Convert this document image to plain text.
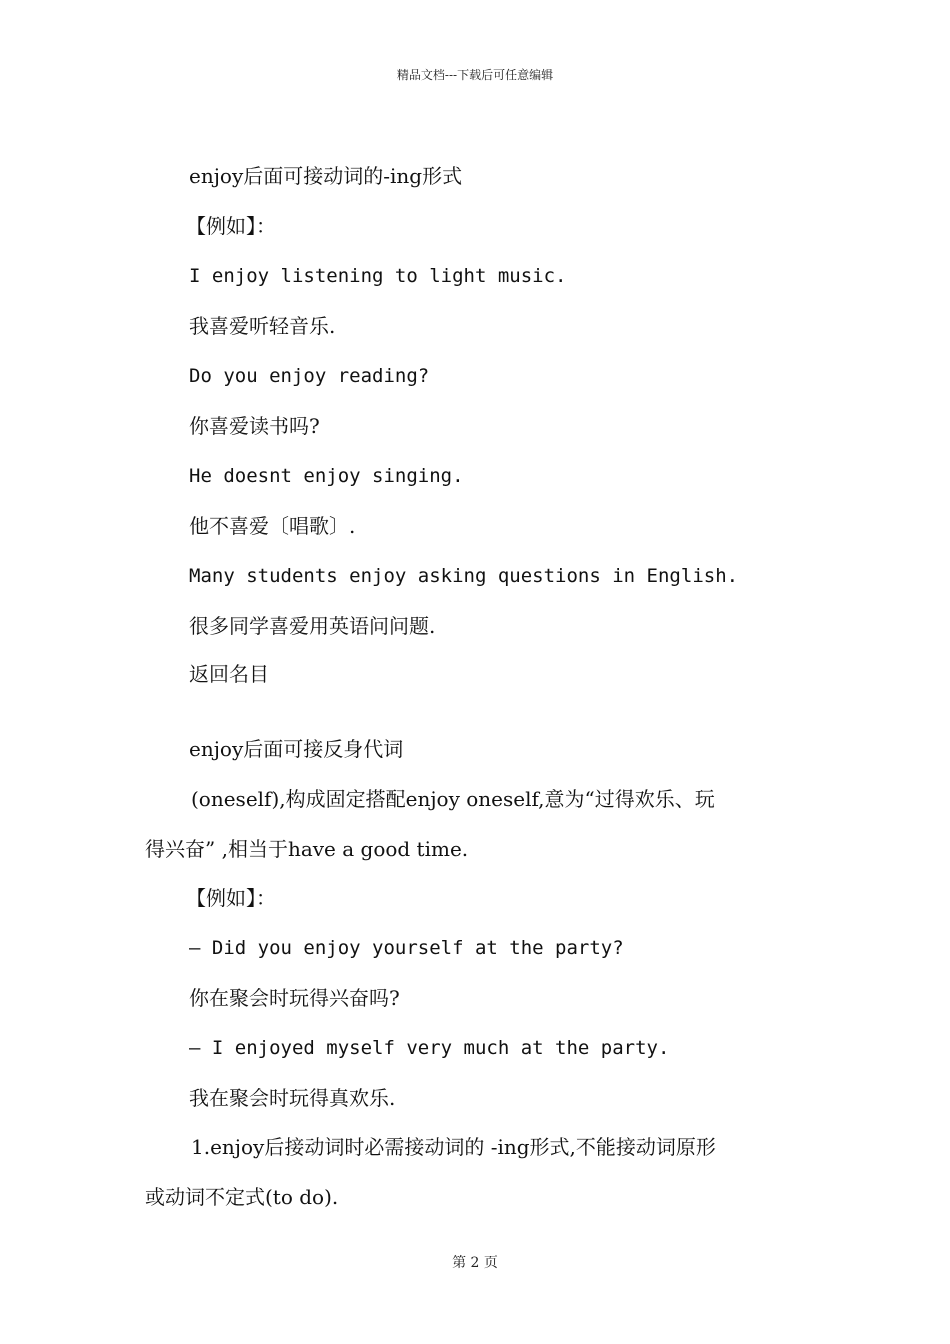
精品文档---下载后可任意编辑
enjoy后面可接动词的-ing形式
【例如】：
I enjoy listening to light music.
我喜爱听轻音乐.
Do you enjoy reading?
你喜爱读书吗?
He doesnt enjoy singing.
他不喜爱〔唱歌〕.
Many students enjoy asking questions in English.
很多同学喜爱用英语问问题.
返回名目
enjoy后面可接反身代词
(oneself),构成固定搭配enjoy oneself,意为“过得欢乐、玩
得兴奋” ,相当于have a good time.
【例如】：
— Did you enjoy yourself at the party?
你在聚会时玩得兴奋吗?
— I enjoyed myself very much at the party.
我在聚会时玩得真欢乐.
1.enjoy后接动词时必需接动词的 -ing形式,不能接动词原形
或动词不定式(to do).
第 2 页
